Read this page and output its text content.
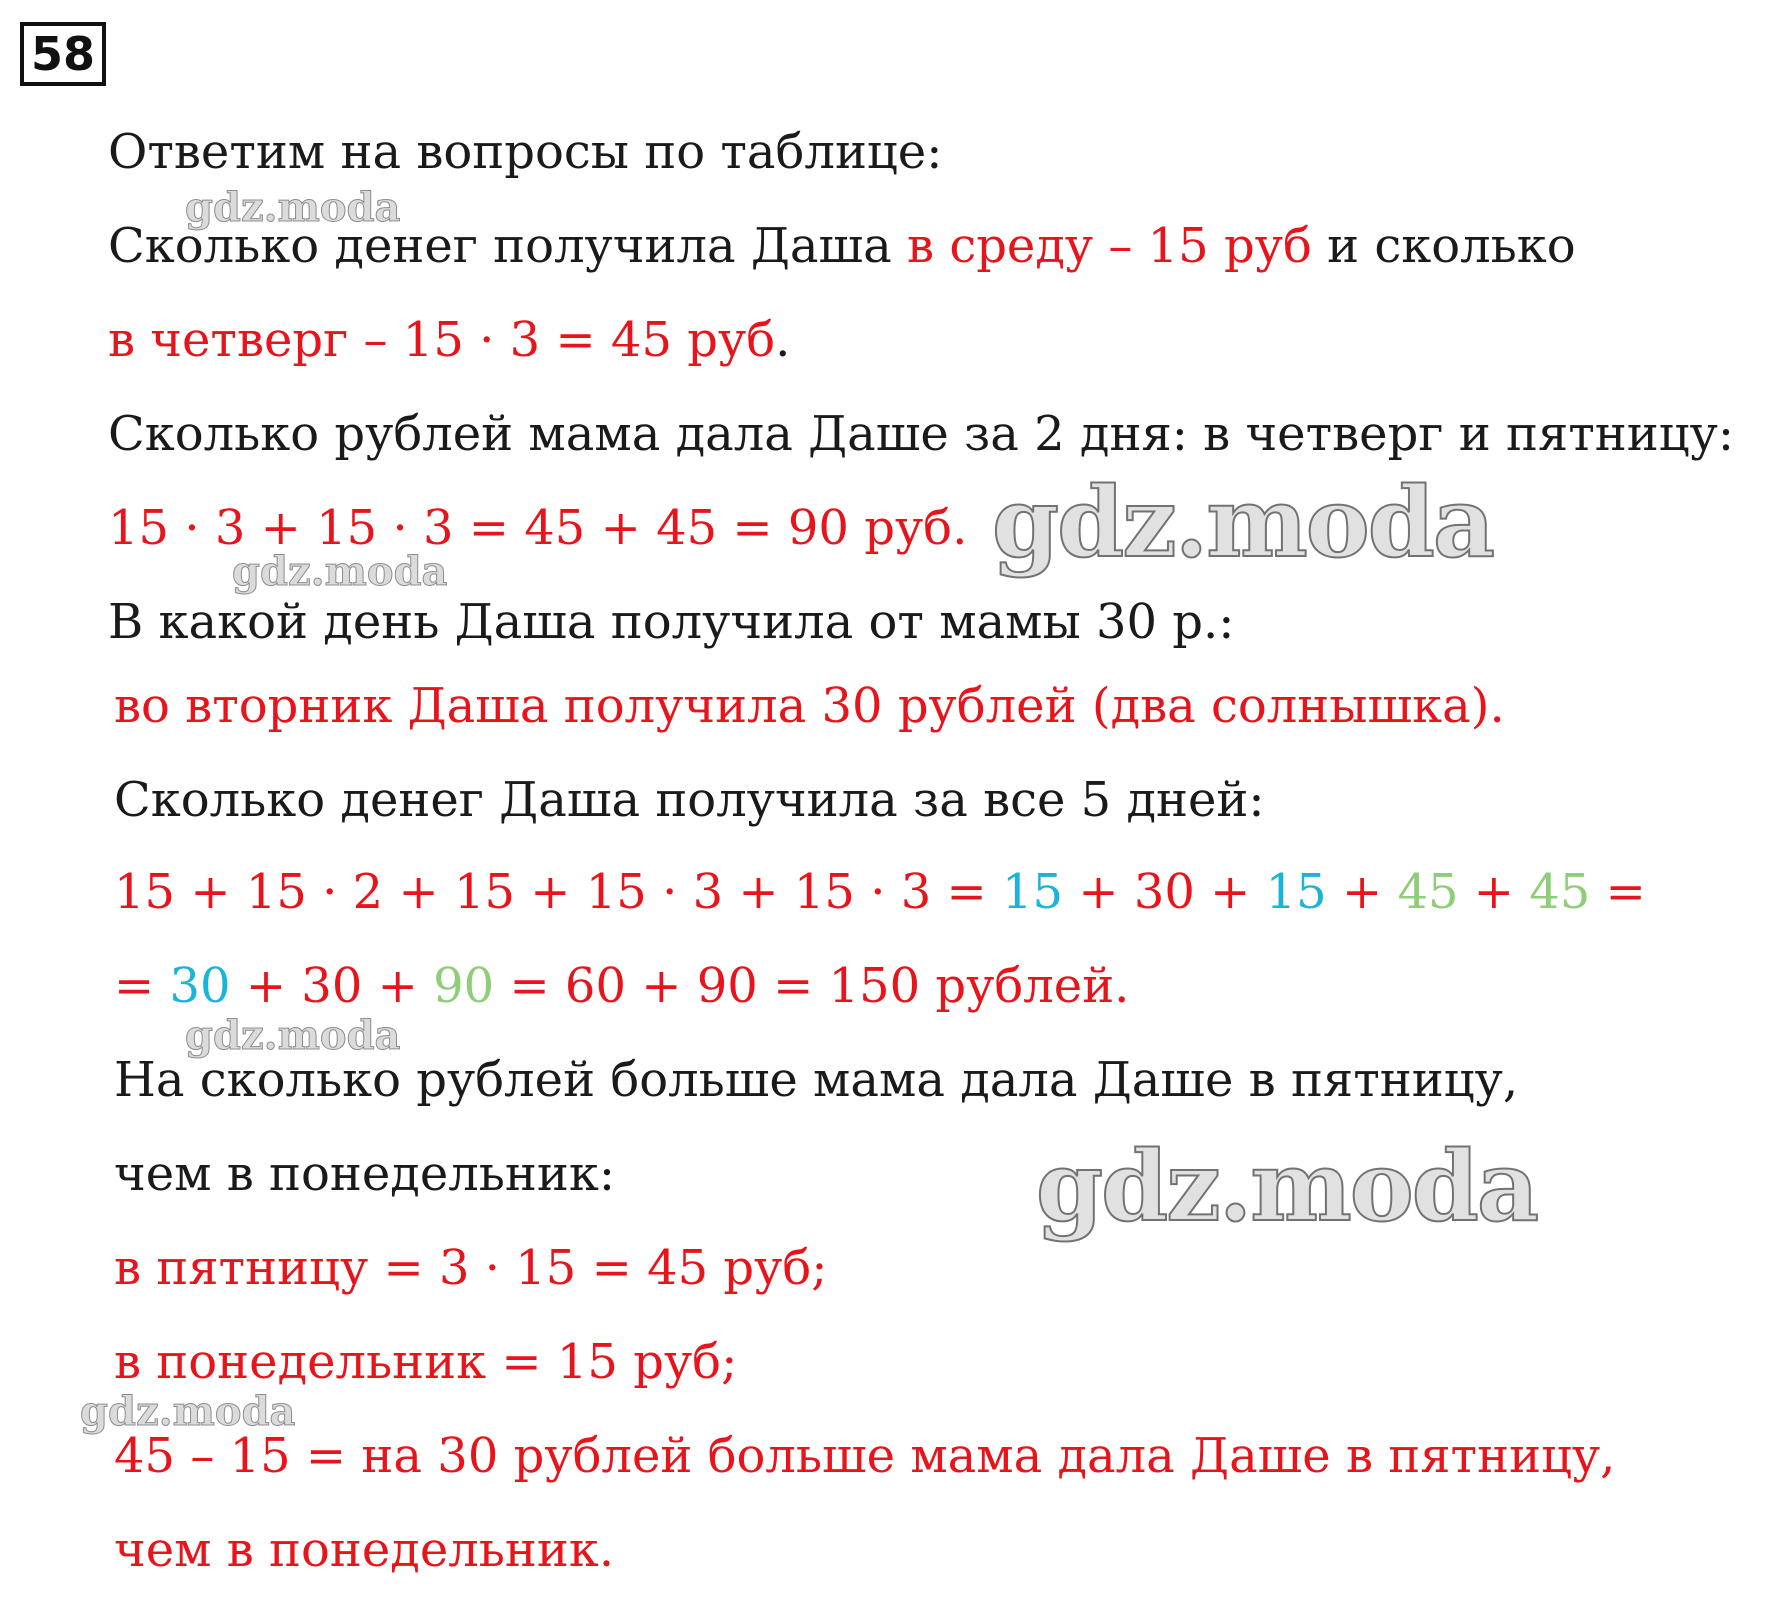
58
Ответим на вопросы по таблице:
Сколько денег получила Даша в среду – 15 руб и сколько
в четверг – 15 · 3 = 45 руб.
Сколько рублей мама дала Даше за 2 дня: в четверг и пятницу:
15 · 3 + 15 · 3 = 45 + 45 = 90 руб.
В какой день Даша получила от мамы 30 р.:
во вторник Даша получила 30 рублей (два солнышка).
Сколько денег Даша получила за все 5 дней:
15 + 15 · 2 + 15 + 15 · 3 + 15 · 3 = 15 + 30 + 15 + 45 + 45 =
= 30 + 30 + 90 = 60 + 90 = 150 рублей.
На сколько рублей больше мама дала Даше в пятницу,
чем в понедельник:
в пятницу = 3 · 15 = 45 руб;
в понедельник = 15 руб;
45 – 15 = на 30 рублей больше мама дала Даше в пятницу,
чем в понедельник.
gdz.moda
gdz.moda
gdz.moda
gdz.moda
gdz.moda
gdz.moda
